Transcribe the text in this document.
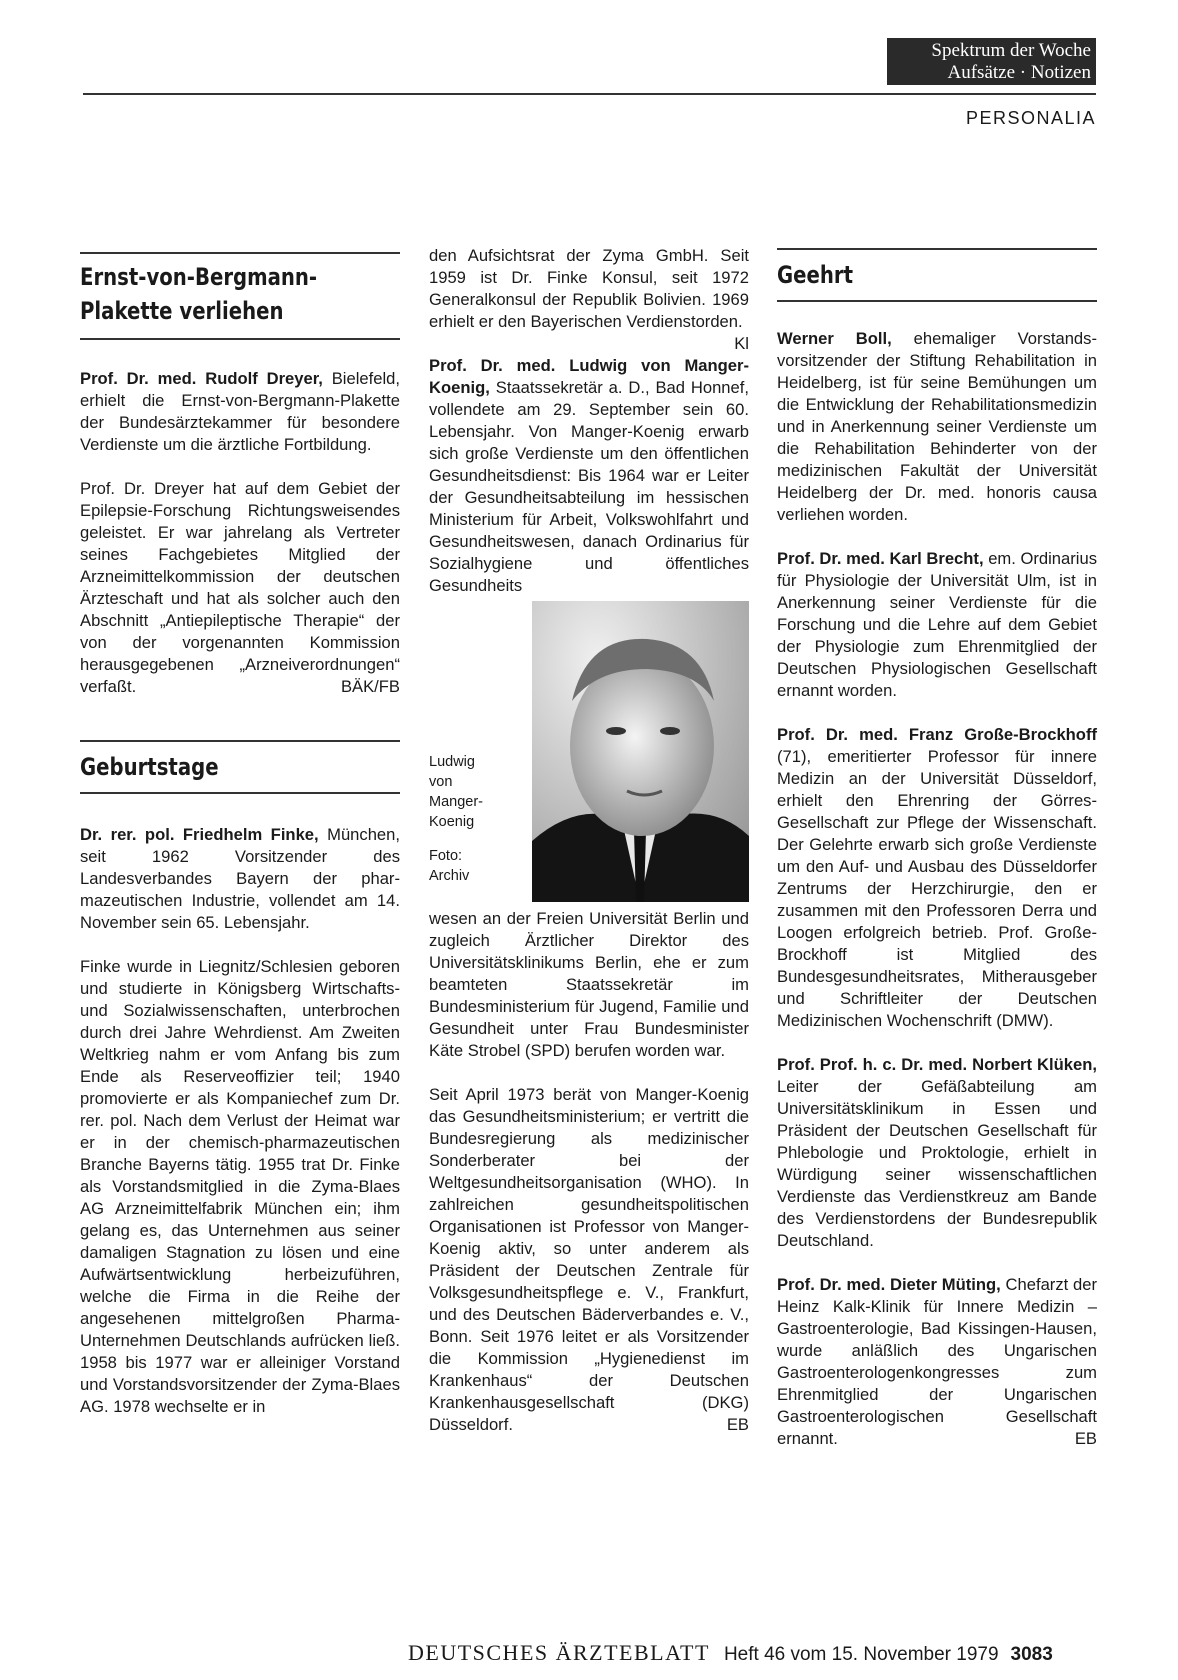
Spektrum der Woche
Aufsätze · Notizen
PERSONALIA
Ernst-von-Bergmann-
Plakette verliehen

Prof. Dr. med. Rudolf Dreyer, Bielefeld, erhielt die Ernst-von-Bergmann-Plakette der Bundesärztekammer für besondere Verdienste um die ärztliche Fortbildung.

Prof. Dr. Dreyer hat auf dem Gebiet der Epilepsie-Forschung Richtungsweisendes geleistet. Er war jahrelang als Vertreter seines Fachgebietes Mitglied der Arzneimittelkommission der deutschen Ärzteschaft und hat als solcher auch den Abschnitt „Antiepileptische Therapie“ der von der vorgenannten Kommission herausgegebenen „Arzneiverordnungen“ verfaßt.	BÄK/FB

Geburtstage

Dr. rer. pol. Friedhelm Finke, München, seit 1962 Vorsitzender des Landesverbandes Bayern der pharmazeutischen Industrie, vollendet am 14. November sein 65. Lebensjahr.

Finke wurde in Liegnitz/Schlesien geboren und studierte in Königsberg Wirtschafts- und Sozialwissenschaften, unterbrochen durch drei Jahre Wehrdienst. Am Zweiten Weltkrieg nahm er vom Anfang bis zum Ende als Reserveoffizier teil; 1940 promovierte er als Kompaniechef zum Dr. rer. pol. Nach dem Verlust der Heimat war er in der chemisch-pharmazeutischen Branche Bayerns tätig. 1955 trat Dr. Finke als Vorstandsmitglied in die Zyma-Blaes AG Arzneimittelfabrik München ein; ihm gelang es, das Unternehmen aus seiner damaligen Stagnation zu lösen und eine Aufwärtsentwicklung herbeizuführen, welche die Firma in die Reihe der angesehenen mittelgroßen Pharma-Unternehmen Deutschlands aufrücken ließ. 1958 bis 1977 war er alleiniger Vorstand und Vorstandsvorsitzender der Zyma-Blaes AG. 1978 wechselte er in

den Aufsichtsrat der Zyma GmbH. Seit 1959 ist Dr. Finke Konsul, seit 1972 Generalkonsul der Republik Bolivien. 1969 erhielt er den Bayerischen Verdienstorden.
Kl

Prof. Dr. med. Ludwig von Manger-Koenig, Staatssekretär a. D., Bad Honnef, vollendete am 29. September sein 60. Lebensjahr. Von Manger-Koenig erwarb sich große Verdienste um den öffentlichen Gesundheitsdienst: Bis 1964 war er Leiter der Gesundheitsabteilung im hessischen Ministerium für Arbeit, Volkswohlfahrt und Gesundheitswesen, danach Ordinarius für Sozialhygiene und öffentliches Gesundheits

Ludwig
von
Manger-
Koenig
Foto:
Archiv

wesen an der Freien Universität Berlin und zugleich Ärztlicher Direktor des Universitätsklinikums Berlin, ehe er zum beamteten Staatssekretär im Bundesministerium für Jugend, Familie und Gesundheit unter Frau Bundesminister Käte Strobel (SPD) berufen worden war.

Seit April 1973 berät von Manger-Koenig das Gesundheitsministerium; er vertritt die Bundesregierung als medizinischer Sonderberater bei der Weltgesundheitsorganisation (WHO). In zahlreichen gesundheitspolitischen Organisationen ist Professor von Manger-Koenig aktiv, so unter anderem als Präsident der Deutschen Zentrale für Volksgesundheitspflege e. V., Frankfurt, und des Deutschen Bäderverbandes e. V., Bonn. Seit 1976 leitet er als Vorsitzender die Kommission „Hygienedienst im Krankenhaus“ der Deutschen Krankenhausgesellschaft (DKG) Düsseldorf.	EB

Geehrt

Werner Boll, ehemaliger Vorstandsvorsitzender der Stiftung Rehabilitation in Heidelberg, ist für seine Bemühungen um die Entwicklung der Rehabilitationsmedizin und in Anerkennung seiner Verdienste um die Rehabilitation Behinderter von der medizinischen Fakultät der Universität Heidelberg der Dr. med. honoris causa verliehen worden.

Prof. Dr. med. Karl Brecht, em. Ordinarius für Physiologie der Universität Ulm, ist in Anerkennung seiner Verdienste für die Forschung und die Lehre auf dem Gebiet der Physiologie zum Ehrenmitglied der Deutschen Physiologischen Gesellschaft ernannt worden.

Prof. Dr. med. Franz Große-Brockhoff (71), emeritierter Professor für innere Medizin an der Universität Düsseldorf, erhielt den Ehrenring der Görres-Gesellschaft zur Pflege der Wissenschaft. Der Gelehrte erwarb sich große Verdienste um den Auf- und Ausbau des Düsseldorfer Zentrums der Herzchirurgie, den er zusammen mit den Professoren Derra und Loogen erfolgreich betrieb. Prof. Große-Brockhoff ist Mitglied des Bundesgesundheitsrates, Mitherausgeber und Schriftleiter der Deutschen Medizinischen Wochenschrift (DMW).

Prof. Prof. h. c. Dr. med. Norbert Klüken, Leiter der Gefäßabteilung am Universitätsklinikum in Essen und Präsident der Deutschen Gesellschaft für Phlebologie und Proktologie, erhielt in Würdigung seiner wissenschaftlichen Verdienste das Verdienstkreuz am Bande des Verdienstordens der Bundesrepublik Deutschland.

Prof. Dr. med. Dieter Müting, Chefarzt der Heinz Kalk-Klinik für Innere Medizin – Gastroenterologie, Bad Kissingen-Hausen, wurde anläßlich des Ungarischen Gastroenterologenkongresses zum Ehrenmitglied der Ungarischen Gastroenterologischen Gesellschaft ernannt.	EB

DEUTSCHES ÄRZTEBLATT Heft 46 vom 15. November 1979 3083
